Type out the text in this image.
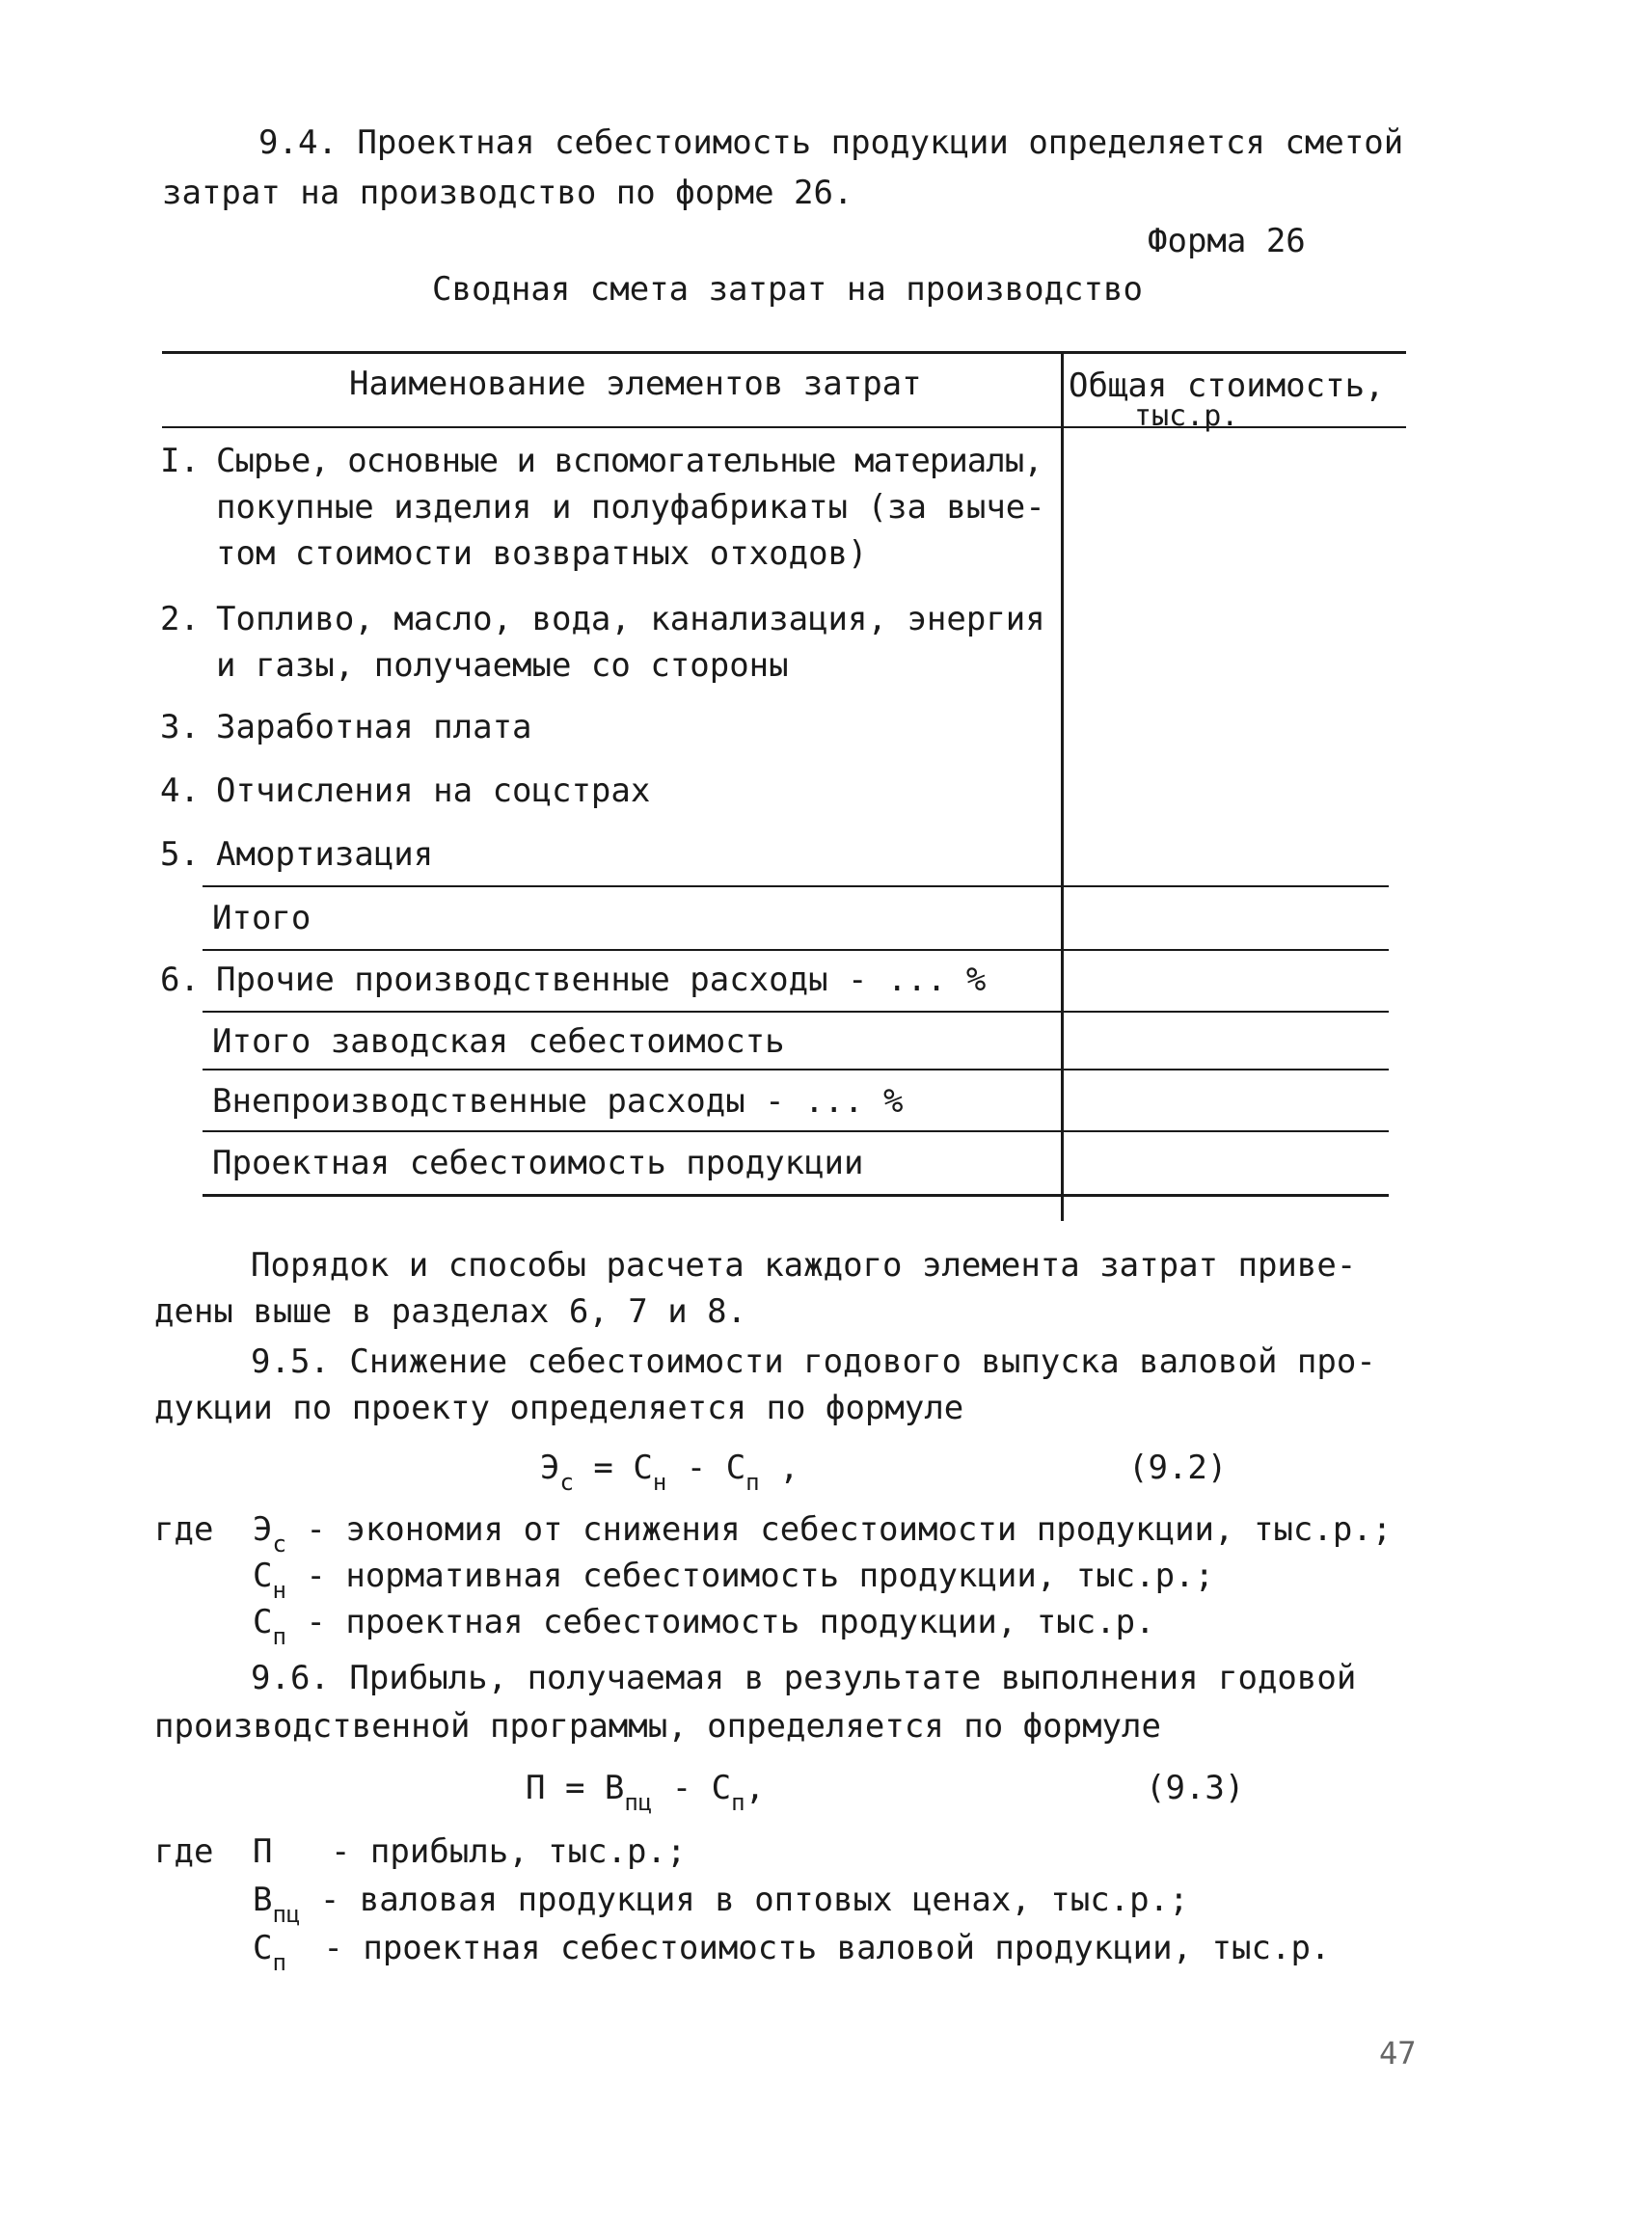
9.4. Проектная себестоимость продукции определяется сметой
затрат на производство по форме 26.
Форма 26
Сводная смета затрат на производство
Наименование элементов затрат	Общая стоимость,
тыс.р.
I. Сырье, основные и вспомогательные материалы,
покупные изделия и полуфабрикаты (за выче-
том стоимости возвратных отходов)
2. Топливо, масло, вода, канализация, энергия
и газы, получаемые со стороны
3. Заработная плата
4. Отчисления на соцстрах
5. Амортизация
Итого
6. Прочие производственные расходы - ... %
Итого заводская себестоимость
Внепроизводственные расходы - ... %
Проектная себестоимость продукции
Порядок и способы расчета каждого элемента затрат приве-
дены выше в разделах 6, 7 и 8.
9.5. Снижение себестоимости годового выпуска валовой про-
дукции по проекту определяется по формуле
$Э_с = С_н - С_п$ ,	(9.2)
где $Э_с$ - экономия от снижения себестоимости продукции, тыс.р.;
$С_н$ - нормативная себестоимость продукции, тыс.р.;
$С_п$ - проектная себестоимость продукции, тыс.р.
9.6. Прибыль, получаемая в результате выполнения годовой
производственной программы, определяется по формуле
$П = В_{пц} - С_п$,	(9.3)
где П - прибыль, тыс.р.;
$В_{пц}$ - валовая продукция в оптовых ценах, тыс.р.;
$С_п$ - проектная себестоимость валовой продукции, тыс.р.
47
